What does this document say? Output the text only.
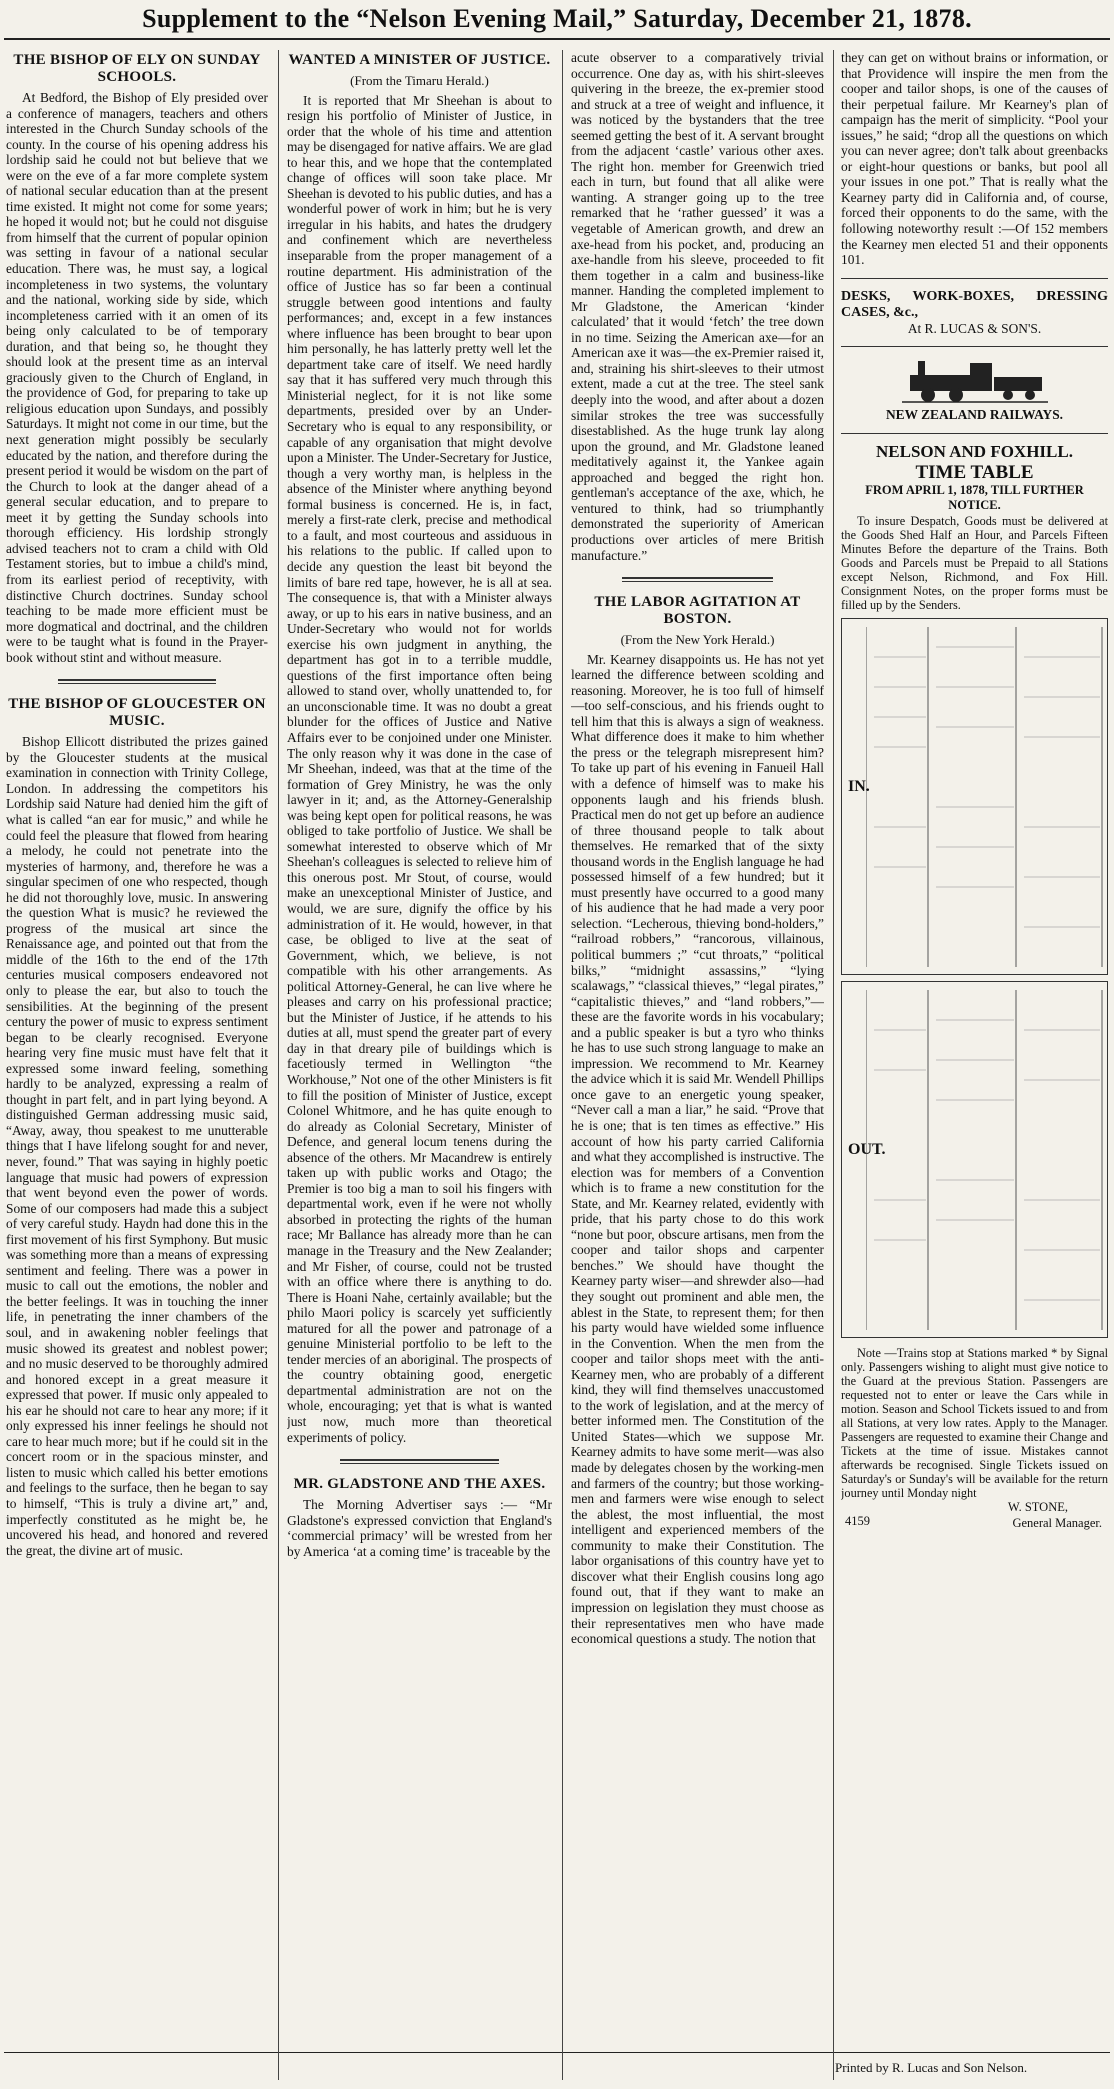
Supplement to the “Nelson Evening Mail,” Saturday, December 21, 1878.
THE BISHOP OF ELY ON SUNDAY SCHOOLS.

At Bedford, the Bishop of Ely presided over a conference of managers, teachers and others interested in the Church Sunday schools of the county. In the course of his opening address his lordship said he could not but believe that we were on the eve of a far more complete system of national secular education than at the present time existed. It might not come for some years; he hoped it would not; but he could not disguise from himself that the current of popular opinion was setting in favour of a national secular education. There was, he must say, a logical incompleteness in two systems, the voluntary and the national, working side by side, which incompleteness carried with it an omen of its being only calculated to be of temporary duration, and that being so, he thought they should look at the present time as an interval graciously given to the Church of England, in the providence of God, for preparing to take up religious education upon Sundays, and possibly Saturdays. It might not come in our time, but the next generation might possibly be secularly educated by the nation, and therefore during the present period it would be wisdom on the part of the Church to look at the danger ahead of a general secular education, and to prepare to meet it by getting the Sunday schools into thorough efficiency. His lordship strongly advised teachers not to cram a child with Old Testament stories, but to imbue a child's mind, from its earliest period of receptivity, with distinctive Church doctrines. Sunday school teaching to be made more efficient must be more dogmatical and doctrinal, and the children were to be taught what is found in the Prayer-book without stint and without measure.

THE BISHOP OF GLOUCESTER ON MUSIC.

Bishop Ellicott distributed the prizes gained by the Gloucester students at the musical examination in connection with Trinity College, London. In addressing the competitors his Lordship said Nature had denied him the gift of what is called “an ear for music,” and while he could feel the pleasure that flowed from hearing a melody, he could not penetrate into the mysteries of harmony, and, therefore he was a singular specimen of one who respected, though he did not thoroughly love, music. In answering the question What is music? he reviewed the progress of the musical art since the Renaissance age, and pointed out that from the middle of the 16th to the end of the 17th centuries musical composers endeavored not only to please the ear, but also to touch the sensibilities. At the beginning of the present century the power of music to express sentiment began to be clearly recognised. Everyone hearing very fine music must have felt that it expressed some inward feeling, something hardly to be analyzed, expressing a realm of thought in part felt, and in part lying beyond. A distinguished German addressing music said, “Away, away, thou speakest to me unutterable things that I have lifelong sought for and never, never, found.” That was saying in highly poetic language that music had powers of expression that went beyond even the power of words. Some of our composers had made this a subject of very careful study. Haydn had done this in the first movement of his first Symphony. But music was something more than a means of expressing sentiment and feeling. There was a power in music to call out the emotions, the nobler and the better feelings. It was in touching the inner life, in penetrating the inner chambers of the soul, and in awakening nobler feelings that music showed its greatest and noblest power; and no music deserved to be thoroughly admired and honored except in a great measure it expressed that power. If music only appealed to his ear he should not care to hear any more; if it only expressed his inner feelings he should not care to hear much more; but if he could sit in the concert room or in the spacious minster, and listen to music which called his better emotions and feelings to the surface, then he began to say to himself, “This is truly a divine art,” and, imperfectly constituted as he might be, he uncovered his head, and honored and revered the great, the divine art of music.

WANTED A MINISTER OF JUSTICE.
(From the Timaru Herald.)

It is reported that Mr Sheehan is about to resign his portfolio of Minister of Justice, in order that the whole of his time and attention may be disengaged for native affairs. We are glad to hear this, and we hope that the contemplated change of offices will soon take place. Mr Sheehan is devoted to his public duties, and has a wonderful power of work in him; but he is very irregular in his habits, and hates the drudgery and confinement which are nevertheless inseparable from the proper management of a routine department. His administration of the office of Justice has so far been a continual struggle between good intentions and faulty performances; and, except in a few instances where influence has been brought to bear upon him personally, he has latterly pretty well let the department take care of itself. We need hardly say that it has suffered very much through this Ministerial neglect, for it is not like some departments, presided over by an Under-Secretary who is equal to any responsibility, or capable of any organisation that might devolve upon a Minister. The Under-Secretary for Justice, though a very worthy man, is helpless in the absence of the Minister where anything beyond formal business is concerned. He is, in fact, merely a first-rate clerk, precise and methodical to a fault, and most courteous and assiduous in his relations to the public. If called upon to decide any question the least bit beyond the limits of bare red tape, however, he is all at sea. The consequence is, that with a Minister always away, or up to his ears in native business, and an Under-Secretary who would not for worlds exercise his own judgment in anything, the department has got in to a terrible muddle, questions of the first importance often being allowed to stand over, wholly unattended to, for an unconscionable time. It was no doubt a great blunder for the offices of Justice and Native Affairs ever to be conjoined under one Minister. The only reason why it was done in the case of Mr Sheehan, indeed, was that at the time of the formation of Grey Ministry, he was the only lawyer in it; and, as the Attorney-Generalship was being kept open for political reasons, he was obliged to take portfolio of Justice. We shall be somewhat interested to observe which of Mr Sheehan's colleagues is selected to relieve him of this onerous post. Mr Stout, of course, would make an unexceptional Minister of Justice, and would, we are sure, dignify the office by his administration of it. He would, however, in that case, be obliged to live at the seat of Government, which, we believe, is not compatible with his other arrangements. As political Attorney-General, he can live where he pleases and carry on his professional practice; but the Minister of Justice, if he attends to his duties at all, must spend the greater part of every day in that dreary pile of buildings which is facetiously termed in Wellington “the Workhouse,” Not one of the other Ministers is fit to fill the position of Minister of Justice, except Colonel Whitmore, and he has quite enough to do already as Colonial Secretary, Minister of Defence, and general locum tenens during the absence of the others. Mr Macandrew is entirely taken up with public works and Otago; the Premier is too big a man to soil his fingers with departmental work, even if he were not wholly absorbed in protecting the rights of the human race; Mr Ballance has already more than he can manage in the Treasury and the New Zealander; and Mr Fisher, of course, could not be trusted with an office where there is anything to do. There is Hoani Nahe, certainly available; but the philo Maori policy is scarcely yet sufficiently matured for all the power and patronage of a genuine Ministerial portfolio to be left to the tender mercies of an aboriginal. The prospects of the country obtaining good, energetic departmental administration are not on the whole, encouraging; yet that is what is wanted just now, much more than theoretical experiments of policy.

MR. GLADSTONE AND THE AXES.

The Morning Advertiser says :— “Mr Gladstone's expressed conviction that England's ‘commercial primacy’ will be wrested from her by America ‘at a coming time’ is traceable by the

acute observer to a comparatively trivial occurrence. One day as, with his shirt-sleeves quivering in the breeze, the ex-premier stood and struck at a tree of weight and influence, it was noticed by the bystanders that the tree seemed getting the best of it. A servant brought from the adjacent ‘castle’ various other axes. The right hon. member for Greenwich tried each in turn, but found that all alike were wanting. A stranger going up to the tree remarked that he ‘rather guessed’ it was a vegetable of American growth, and drew an axe-head from his pocket, and, producing an axe-handle from his sleeve, proceeded to fit them together in a calm and business-like manner. Handing the completed implement to Mr Gladstone, the American ‘kinder calculated’ that it would ‘fetch’ the tree down in no time. Seizing the American axe—for an American axe it was—the ex-Premier raised it, and, straining his shirt-sleeves to their utmost extent, made a cut at the tree. The steel sank deeply into the wood, and after about a dozen similar strokes the tree was successfully disestablished. As the huge trunk lay along upon the ground, and Mr. Gladstone leaned meditatively against it, the Yankee again approached and begged the right hon. gentleman's acceptance of the axe, which, he ventured to think, had so triumphantly demonstrated the superiority of American productions over articles of mere British manufacture.”

THE LABOR AGITATION AT BOSTON.
(From the New York Herald.)

Mr. Kearney disappoints us. He has not yet learned the difference between scolding and reasoning. Moreover, he is too full of himself—too self-conscious, and his friends ought to tell him that this is always a sign of weakness. What difference does it make to him whether the press or the telegraph misrepresent him? To take up part of his evening in Fanueil Hall with a defence of himself was to make his opponents laugh and his friends blush. Practical men do not get up before an audience of three thousand people to talk about themselves. He remarked that of the sixty thousand words in the English language he had possessed himself of a few hundred; but it must presently have occurred to a good many of his audience that he had made a very poor selection. “Lecherous, thieving bond-holders,” “railroad robbers,” “rancorous, villainous, political bummers ;” “cut throats,” “political bilks,” “midnight assassins,” “lying scalawags,” “classical thieves,” “legal pirates,” “capitalistic thieves,” and “land robbers,”—these are the favorite words in his vocabulary; and a public speaker is but a tyro who thinks he has to use such strong language to make an impression. We recommend to Mr. Kearney the advice which it is said Mr. Wendell Phillips once gave to an energetic young speaker, “Never call a man a liar,” he said. “Prove that he is one; that is ten times as effective.” His account of how his party carried California and what they accomplished is instructive. The election was for members of a Convention which is to frame a new constitution for the State, and Mr. Kearney related, evidently with pride, that his party chose to do this work “none but poor, obscure artisans, men from the cooper and tailor shops and carpenter benches.” We should have thought the Kearney party wiser—and shrewder also—had they sought out prominent and able men, the ablest in the State, to represent them; for then his party would have wielded some influence in the Convention. When the men from the cooper and tailor shops meet with the anti-Kearney men, who are probably of a different kind, they will find themselves unaccustomed to the work of legislation, and at the mercy of better informed men. The Constitution of the United States—which we suppose Mr. Kearney admits to have some merit—was also made by delegates chosen by the working-men and farmers of the country; but those working-men and farmers were wise enough to select the ablest, the most influential, the most intelligent and experienced members of the community to make their Constitution. The labor organisations of this country have yet to discover what their English cousins long ago found out, that if they want to make an impression on legislation they must choose as their representatives men who have made economical questions a study. The notion that

they can get on without brains or information, or that Providence will inspire the men from the cooper and tailor shops, is one of the causes of their perpetual failure. Mr Kearney's plan of campaign has the merit of simplicity. “Pool your issues,” he said; “drop all the questions on which you can never agree; don't talk about greenbacks or eight-hour questions or banks, but pool all your issues in one pot.” That is really what the Kearney party did in California and, of course, forced their opponents to do the same, with the following noteworthy result :—Of 152 members the Kearney men elected 51 and their opponents 101.

DESKS, WORK-BOXES, DRESSING CASES, &c.,
At R. LUCAS & SON'S.
NEW ZEALAND RAILWAYS.
NELSON AND FOXHILL.
TIME TABLE
FROM APRIL 1, 1878, TILL FURTHER NOTICE.

To insure Despatch, Goods must be delivered at the Goods Shed Half an Hour, and Parcels Fifteen Minutes Before the departure of the Trains. Both Goods and Parcels must be Prepaid to all Stations except Nelson, Richmond, and Fox Hill. Consignment Notes, on the proper forms must be filled up by the Senders.

IN.
OUT.

Note —Trains stop at Stations marked * by Signal only. Passengers wishing to alight must give notice to the Guard at the previous Station. Passengers are requested not to enter or leave the Cars while in motion. Season and School Tickets issued to and from all Stations, at very low rates. Apply to the Manager. Passengers are requested to examine their Change and Tickets at the time of issue. Mistakes cannot afterwards be recognised. Single Tickets issued on Saturday's or Sunday's will be available for the return journey until Monday night

4159
W. STONE,
General Manager.
Printed by R. Lucas and Son Nelson.
